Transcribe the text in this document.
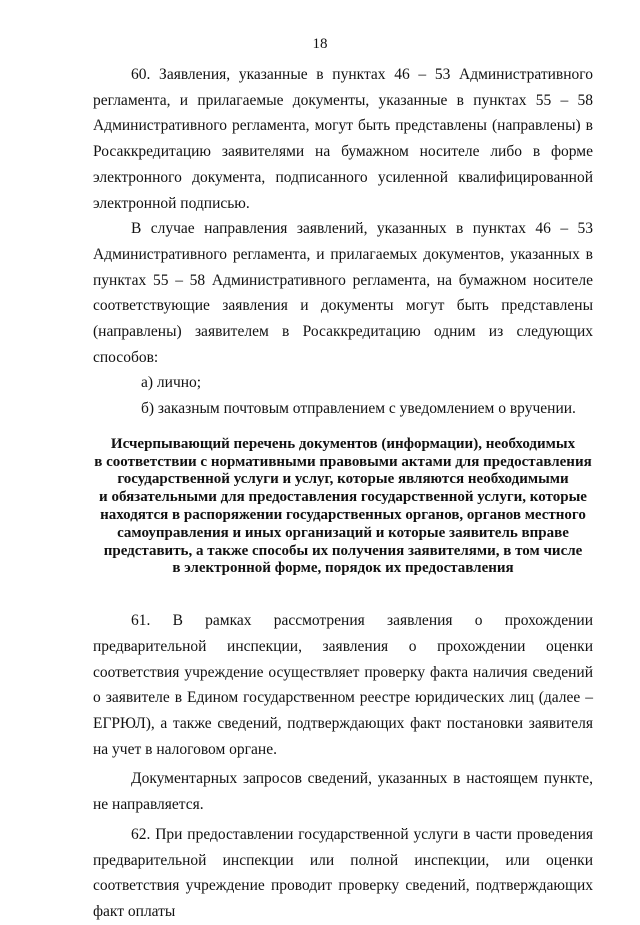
18

60. Заявления, указанные в пунктах 46 – 53 Административного регламента, и прилагаемые документы, указанные в пунктах 55 – 58 Административного регламента, могут быть представлены (направлены) в Росаккредитацию заявителями на бумажном носителе либо в форме электронного документа, подписанного усиленной квалифицированной электронной подписью.

В случае направления заявлений, указанных в пунктах 46 – 53 Административного регламента, и прилагаемых документов, указанных в пунктах 55 – 58 Административного регламента, на бумажном носителе соответствующие заявления и документы могут быть представлены (направлены) заявителем в Росаккредитацию одним из следующих способов:

а) лично;

б) заказным почтовым отправлением с уведомлением о вручении.

Исчерпывающий перечень документов (информации), необходимых
в соответствии с нормативными правовыми актами для предоставления
государственной услуги и услуг, которые являются необходимыми
и обязательными для предоставления государственной услуги, которые
находятся в распоряжении государственных органов, органов местного
самоуправления и иных организаций и которые заявитель вправе
представить, а также способы их получения заявителями, в том числе
в электронной форме, порядок их предоставления

61. В рамках рассмотрения заявления о прохождении предварительной инспекции, заявления о прохождении оценки соответствия учреждение осуществляет проверку факта наличия сведений о заявителе в Едином государственном реестре юридических лиц (далее – ЕГРЮЛ), а также сведений, подтверждающих факт постановки заявителя на учет в налоговом органе.

Документарных запросов сведений, указанных в настоящем пункте, не направляется.

62. При предоставлении государственной услуги в части проведения предварительной инспекции или полной инспекции, или оценки соответствия учреждение проводит проверку сведений, подтверждающих факт оплаты
